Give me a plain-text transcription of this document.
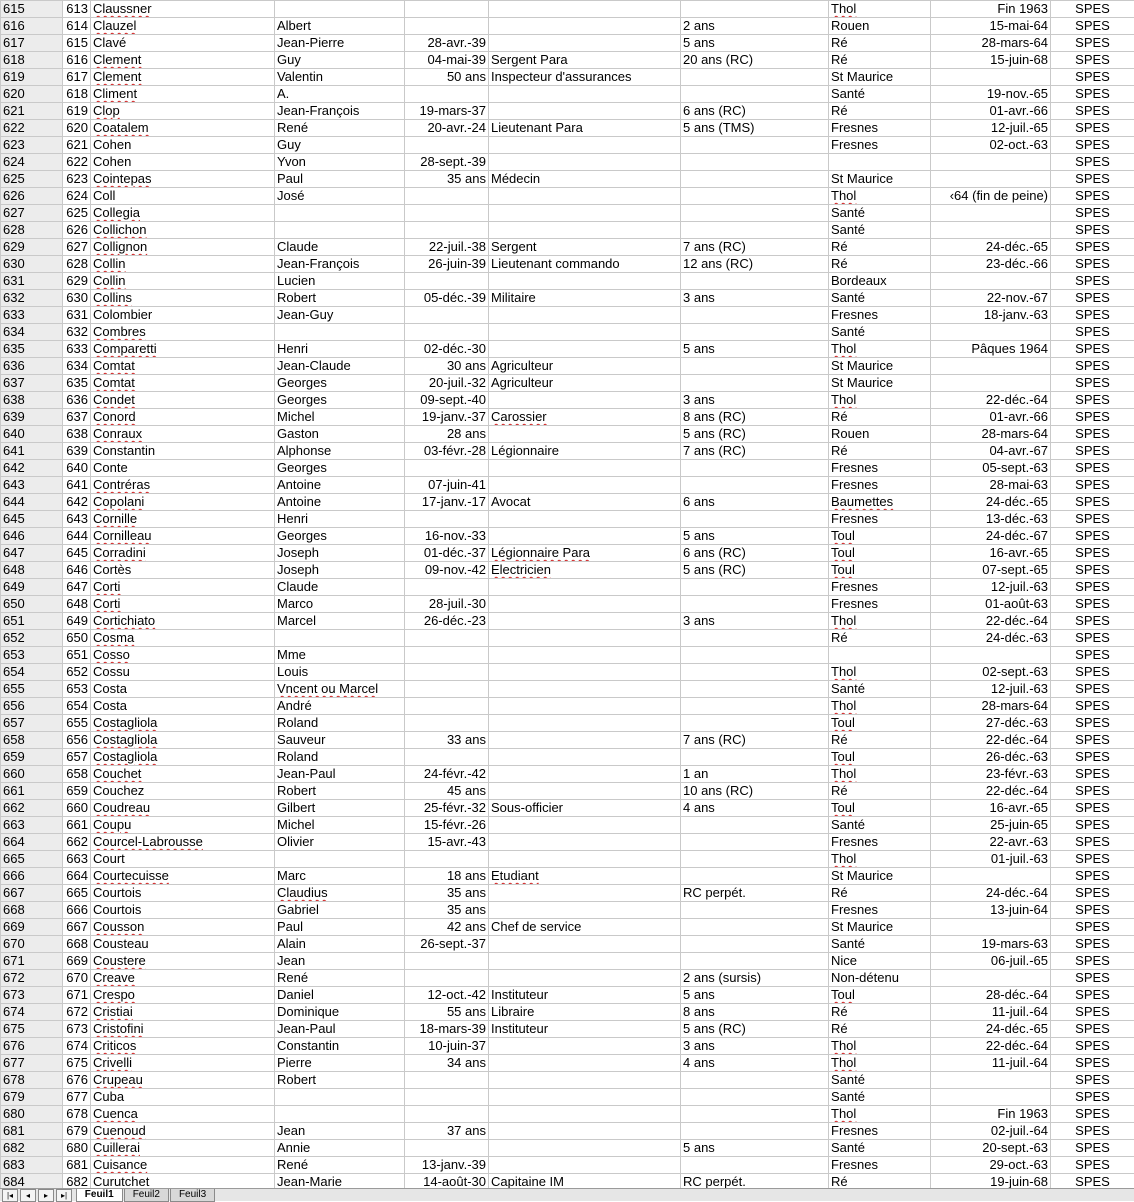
615	613	Claussner					Thol	Fin 1963	SPES
616	614	Clauzel	Albert			2 ans	Rouen	15-mai-64	SPES
617	615	Clavé	Jean-Pierre	28-avr.-39		5 ans	Ré	28-mars-64	SPES
618	616	Clement	Guy	04-mai-39	Sergent Para	20 ans (RC)	Ré	15-juin-68	SPES
619	617	Clement	Valentin	50 ans	Inspecteur d'assurances		St Maurice		SPES
620	618	Climent	A.				Santé	19-nov.-65	SPES
621	619	Clop	Jean-François	19-mars-37		6 ans (RC)	Ré	01-avr.-66	SPES
622	620	Coatalem	René	20-avr.-24	Lieutenant Para	5 ans (TMS)	Fresnes	12-juil.-65	SPES
623	621	Cohen	Guy				Fresnes	02-oct.-63	SPES
624	622	Cohen	Yvon	28-sept.-39					SPES
625	623	Cointepas	Paul	35 ans	Médecin		St Maurice		SPES
626	624	Coll	José				Thol	‹64 (fin de peine)	SPES
627	625	Collegia					Santé		SPES
628	626	Collichon					Santé		SPES
629	627	Collignon	Claude	22-juil.-38	Sergent	7 ans (RC)	Ré	24-déc.-65	SPES
630	628	Collin	Jean-François	26-juin-39	Lieutenant commando	12 ans (RC)	Ré	23-déc.-66	SPES
631	629	Collin	Lucien				Bordeaux		SPES
632	630	Collins	Robert	05-déc.-39	Militaire	3 ans	Santé	22-nov.-67	SPES
633	631	Colombier	Jean-Guy				Fresnes	18-janv.-63	SPES
634	632	Combres					Santé		SPES
635	633	Comparetti	Henri	02-déc.-30		5 ans	Thol	Pâques 1964	SPES
636	634	Comtat	Jean-Claude	30 ans	Agriculteur		St Maurice		SPES
637	635	Comtat	Georges	20-juil.-32	Agriculteur		St Maurice		SPES
638	636	Condet	Georges	09-sept.-40		3 ans	Thol	22-déc.-64	SPES
639	637	Conord	Michel	19-janv.-37	Carossier	8 ans (RC)	Ré	01-avr.-66	SPES
640	638	Conraux	Gaston	28 ans		5 ans (RC)	Rouen	28-mars-64	SPES
641	639	Constantin	Alphonse	03-févr.-28	Légionnaire	7 ans (RC)	Ré	04-avr.-67	SPES
642	640	Conte	Georges				Fresnes	05-sept.-63	SPES
643	641	Contréras	Antoine	07-juin-41			Fresnes	28-mai-63	SPES
644	642	Copolani	Antoine	17-janv.-17	Avocat	6 ans	Baumettes	24-déc.-65	SPES
645	643	Cornille	Henri				Fresnes	13-déc.-63	SPES
646	644	Cornilleau	Georges	16-nov.-33		5 ans	Toul	24-déc.-67	SPES
647	645	Corradini	Joseph	01-déc.-37	Légionnaire Para	6 ans (RC)	Toul	16-avr.-65	SPES
648	646	Cortès	Joseph	09-nov.-42	Electricien	5 ans (RC)	Toul	07-sept.-65	SPES
649	647	Corti	Claude				Fresnes	12-juil.-63	SPES
650	648	Corti	Marco	28-juil.-30			Fresnes	01-août-63	SPES
651	649	Cortichiato	Marcel	26-déc.-23		3 ans	Thol	22-déc.-64	SPES
652	650	Cosma					Ré	24-déc.-63	SPES
653	651	Cosso	Mme						SPES
654	652	Cossu	Louis				Thol	02-sept.-63	SPES
655	653	Costa	Vncent ou Marcel				Santé	12-juil.-63	SPES
656	654	Costa	André				Thol	28-mars-64	SPES
657	655	Costagliola	Roland				Toul	27-déc.-63	SPES
658	656	Costagliola	Sauveur	33 ans		7 ans (RC)	Ré	22-déc.-64	SPES
659	657	Costagliola	Roland				Toul	26-déc.-63	SPES
660	658	Couchet	Jean-Paul	24-févr.-42		1 an	Thol	23-févr.-63	SPES
661	659	Couchez	Robert	45 ans		10 ans (RC)	Ré	22-déc.-64	SPES
662	660	Coudreau	Gilbert	25-févr.-32	Sous-officier	4 ans	Toul	16-avr.-65	SPES
663	661	Coupu	Michel	15-févr.-26			Santé	25-juin-65	SPES
664	662	Courcel-Labrousse	Olivier	15-avr.-43			Fresnes	22-avr.-63	SPES
665	663	Court					Thol	01-juil.-63	SPES
666	664	Courtecuisse	Marc	18 ans	Etudiant		St Maurice		SPES
667	665	Courtois	Claudius	35 ans		RC perpét.	Ré	24-déc.-64	SPES
668	666	Courtois	Gabriel	35 ans			Fresnes	13-juin-64	SPES
669	667	Cousson	Paul	42 ans	Chef de service		St Maurice		SPES
670	668	Cousteau	Alain	26-sept.-37			Santé	19-mars-63	SPES
671	669	Coustere	Jean				Nice	06-juil.-65	SPES
672	670	Creave	René			2 ans (sursis)	Non-détenu		SPES
673	671	Crespo	Daniel	12-oct.-42	Instituteur	5 ans	Toul	28-déc.-64	SPES
674	672	Cristiai	Dominique	55 ans	Libraire	8 ans	Ré	11-juil.-64	SPES
675	673	Cristofini	Jean-Paul	18-mars-39	Instituteur	5 ans (RC)	Ré	24-déc.-65	SPES
676	674	Criticos	Constantin	10-juin-37		3 ans	Thol	22-déc.-64	SPES
677	675	Crivelli	Pierre	34 ans		4 ans	Thol	11-juil.-64	SPES
678	676	Crupeau	Robert				Santé		SPES
679	677	Cuba					Santé		SPES
680	678	Cuenca					Thol	Fin 1963	SPES
681	679	Cuenoud	Jean	37 ans			Fresnes	02-juil.-64	SPES
682	680	Cuillerai	Annie			5 ans	Santé	20-sept.-63	SPES
683	681	Cuisance	René	13-janv.-39			Fresnes	29-oct.-63	SPES
684	682	Curutchet	Jean-Marie	14-août-30	Capitaine IM	RC perpét.	Ré	19-juin-68	SPES
|◂ ◂ ▸ ▸| Feuil1 Feuil2 Feuil3
